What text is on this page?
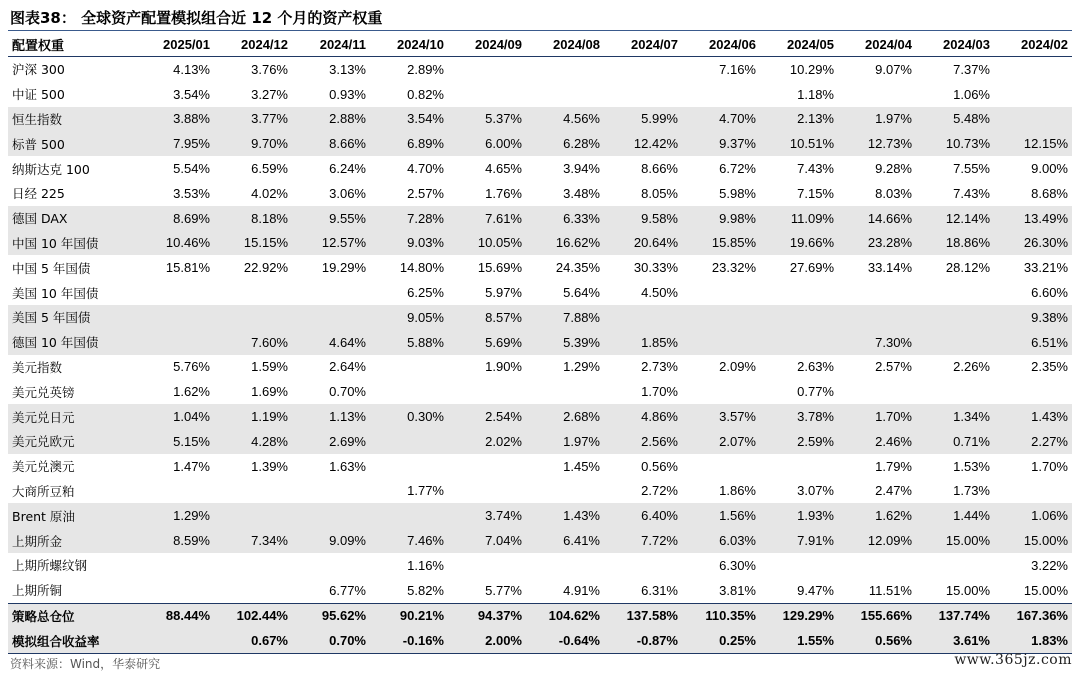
图表38： 全球资产配置模拟组合近 12 个月的资产权重
配置权重	2025/01	2024/12	2024/11	2024/10	2024/09	2024/08	2024/07	2024/06	2024/05	2024/04	2024/03	2024/02
沪深 300	4.13%	3.76%	3.13%	2.89%				7.16%	10.29%	9.07%	7.37%	
中证 500	3.54%	3.27%	0.93%	0.82%					1.18%		1.06%	
恒生指数	3.88%	3.77%	2.88%	3.54%	5.37%	4.56%	5.99%	4.70%	2.13%	1.97%	5.48%	
标普 500	7.95%	9.70%	8.66%	6.89%	6.00%	6.28%	12.42%	9.37%	10.51%	12.73%	10.73%	12.15%
纳斯达克 100	5.54%	6.59%	6.24%	4.70%	4.65%	3.94%	8.66%	6.72%	7.43%	9.28%	7.55%	9.00%
日经 225	3.53%	4.02%	3.06%	2.57%	1.76%	3.48%	8.05%	5.98%	7.15%	8.03%	7.43%	8.68%
德国 DAX	8.69%	8.18%	9.55%	7.28%	7.61%	6.33%	9.58%	9.98%	11.09%	14.66%	12.14%	13.49%
中国 10 年国债	10.46%	15.15%	12.57%	9.03%	10.05%	16.62%	20.64%	15.85%	19.66%	23.28%	18.86%	26.30%
中国 5 年国债	15.81%	22.92%	19.29%	14.80%	15.69%	24.35%	30.33%	23.32%	27.69%	33.14%	28.12%	33.21%
美国 10 年国债				6.25%	5.97%	5.64%	4.50%					6.60%
美国 5 年国债				9.05%	8.57%	7.88%						9.38%
德国 10 年国债		7.60%	4.64%	5.88%	5.69%	5.39%	1.85%			7.30%		6.51%
美元指数	5.76%	1.59%	2.64%		1.90%	1.29%	2.73%	2.09%	2.63%	2.57%	2.26%	2.35%
美元兑英镑	1.62%	1.69%	0.70%				1.70%		0.77%			
美元兑日元	1.04%	1.19%	1.13%	0.30%	2.54%	2.68%	4.86%	3.57%	3.78%	1.70%	1.34%	1.43%
美元兑欧元	5.15%	4.28%	2.69%		2.02%	1.97%	2.56%	2.07%	2.59%	2.46%	0.71%	2.27%
美元兑澳元	1.47%	1.39%	1.63%			1.45%	0.56%			1.79%	1.53%	1.70%
大商所豆粕				1.77%			2.72%	1.86%	3.07%	2.47%	1.73%	
Brent 原油	1.29%				3.74%	1.43%	6.40%	1.56%	1.93%	1.62%	1.44%	1.06%
上期所金	8.59%	7.34%	9.09%	7.46%	7.04%	6.41%	7.72%	6.03%	7.91%	12.09%	15.00%	15.00%
上期所螺纹钢				1.16%				6.30%				3.22%
上期所铜			6.77%	5.82%	5.77%	4.91%	6.31%	3.81%	9.47%	11.51%	15.00%	15.00%
策略总仓位	88.44%	102.44%	95.62%	90.21%	94.37%	104.62%	137.58%	110.35%	129.29%	155.66%	137.74%	167.36%
模拟组合收益率		0.67%	0.70%	-0.16%	2.00%	-0.64%	-0.87%	0.25%	1.55%	0.56%	3.61%	1.83%
资料来源：Wind，华泰研究	www.365jz.com
